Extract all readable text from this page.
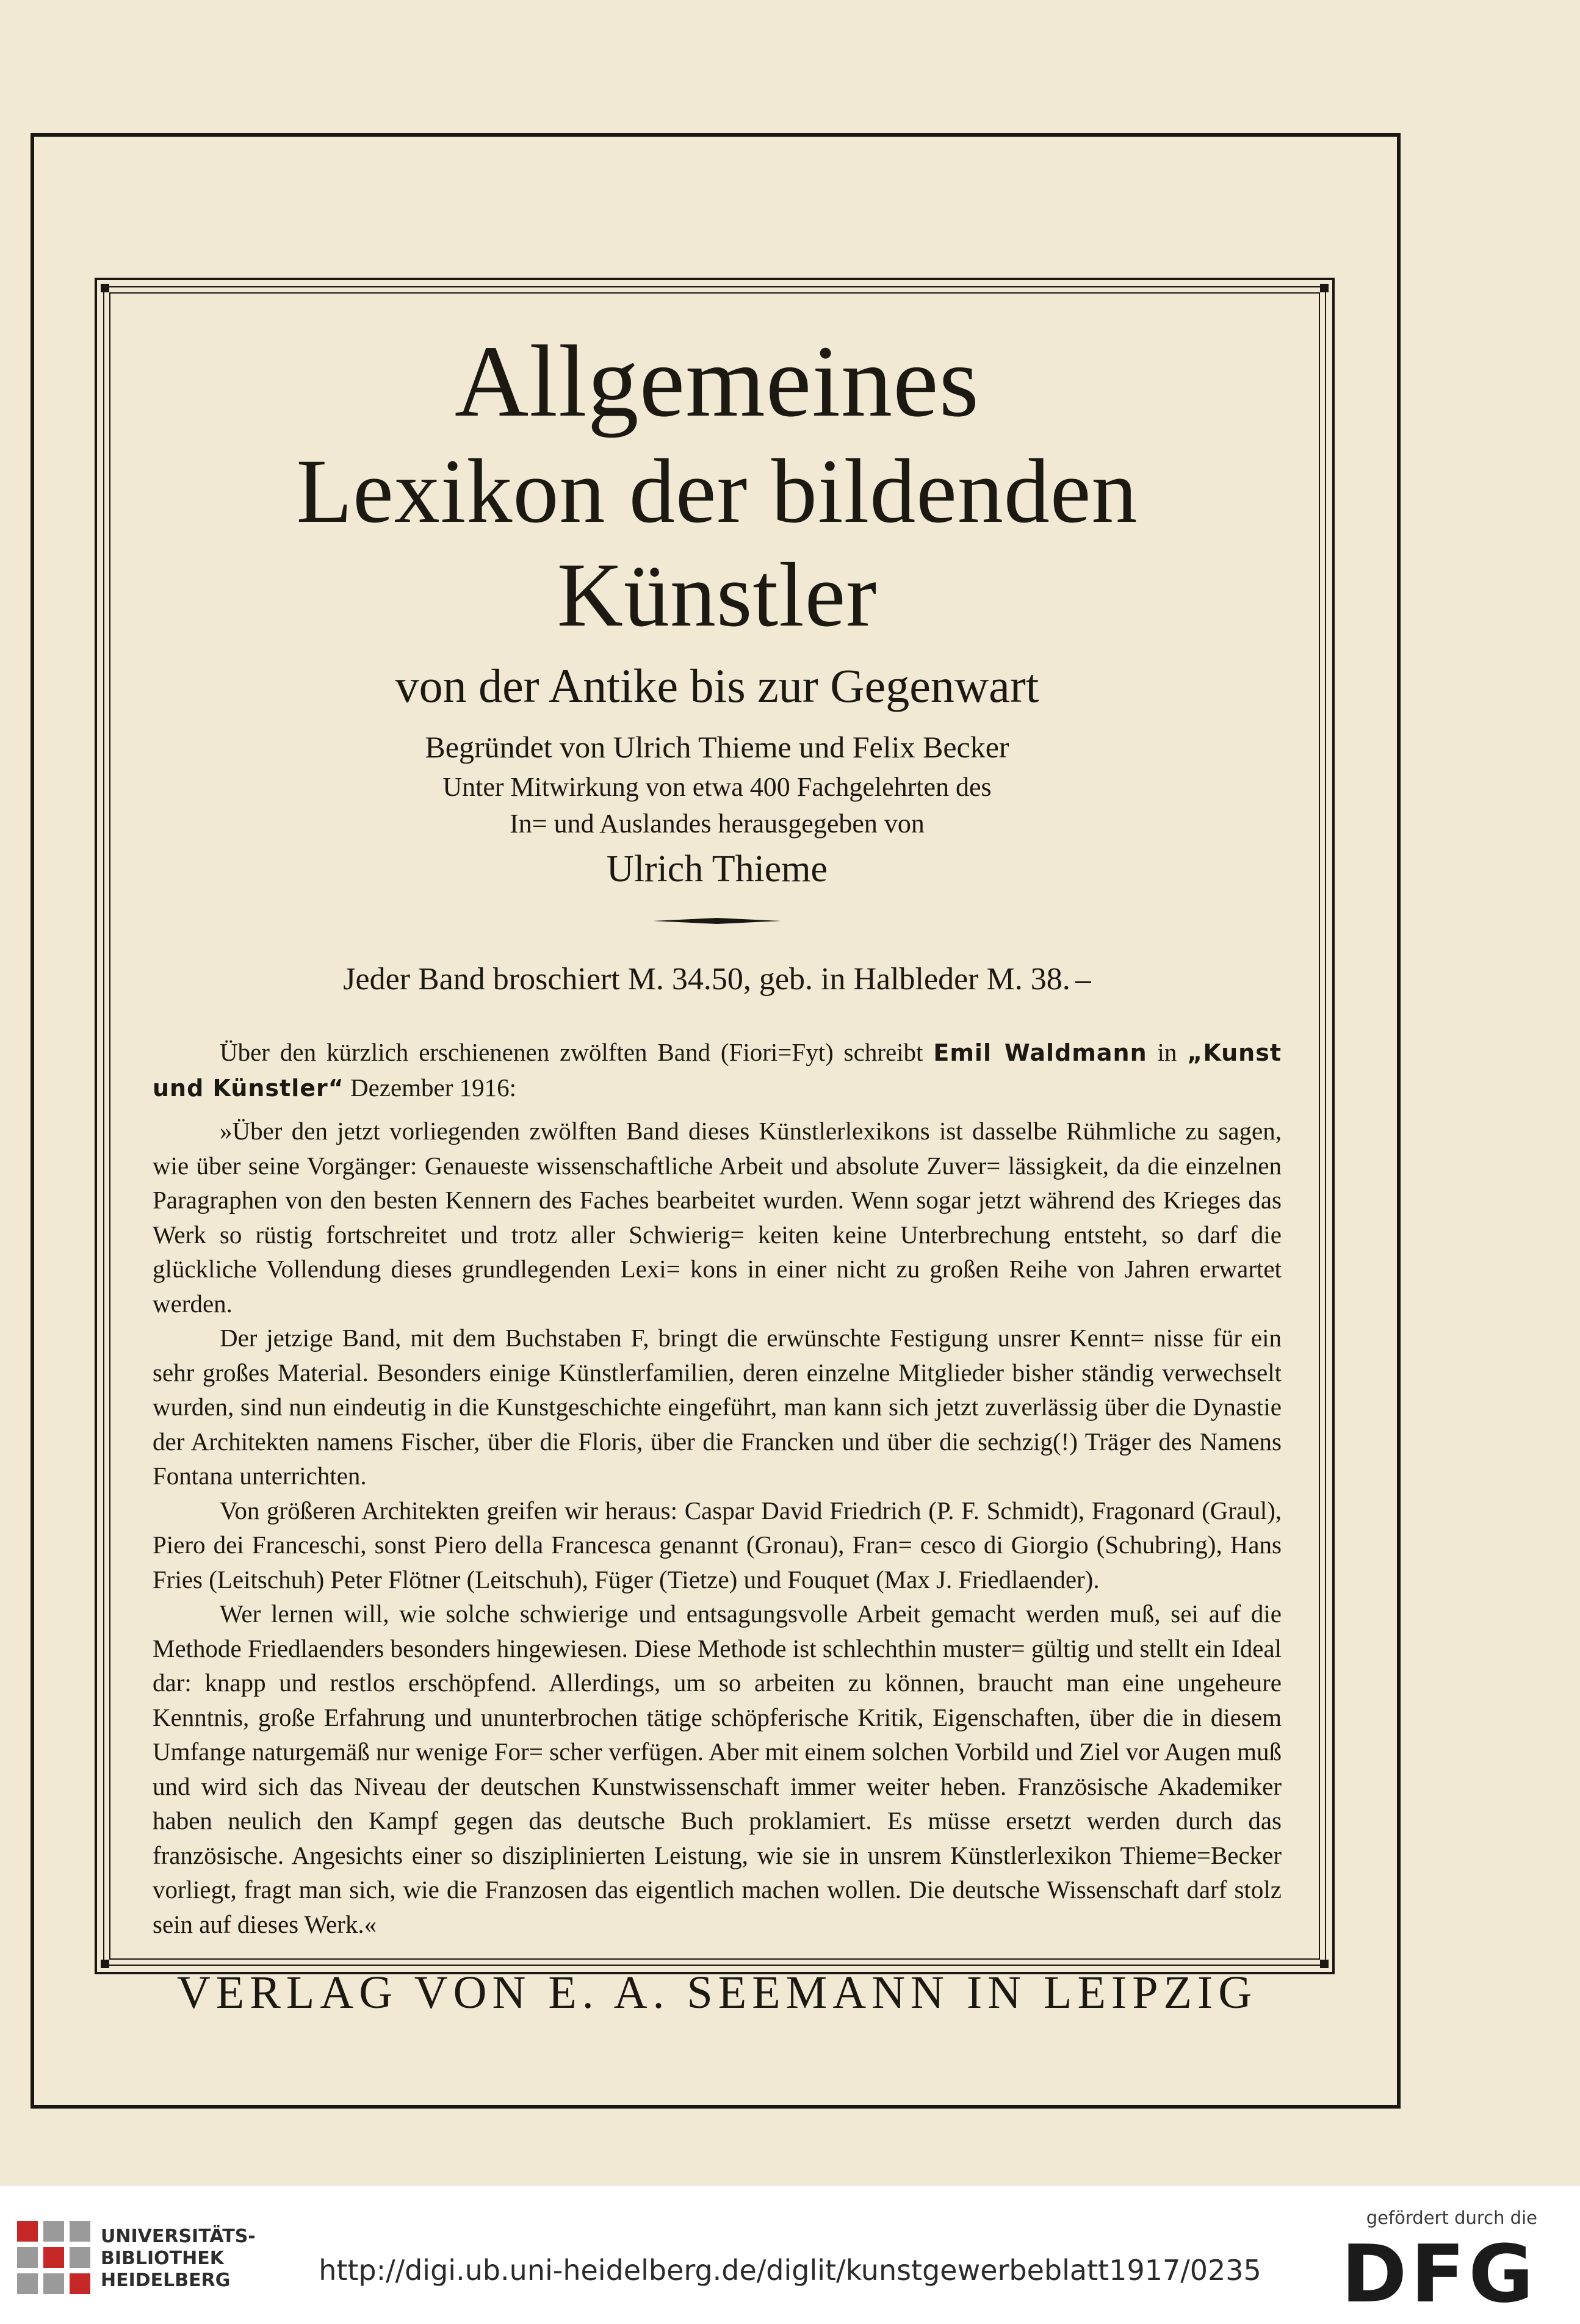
Allgemeines
Lexikon der bildenden Künstler
von der Antike bis zur Gegenwart
Begründet von Ulrich Thieme und Felix Becker
Unter Mitwirkung von etwa 400 Fachgelehrten des
In= und Auslandes herausgegeben von
Ulrich Thieme
Jeder Band broschiert M. 34.50, geb. in Halbleder M. 38.

Über den kürzlich erschienenen zwölften Band (Fiori=Fyt) schreibt Emil Waldmann in „Kunst und Künstler“ Dezember 1916:

»Über den jetzt vorliegenden zwölften Band dieses Künstlerlexikons ist dasselbe Rühmliche zu sagen, wie über seine Vorgänger: Genaueste wissenschaftliche Arbeit und absolute Zuver= lässigkeit, da die einzelnen Paragraphen von den besten Kennern des Faches bearbeitet wurden. Wenn sogar jetzt während des Krieges das Werk so rüstig fortschreitet und trotz aller Schwierig= keiten keine Unterbrechung entsteht, so darf die glückliche Vollendung dieses grundlegenden Lexi= kons in einer nicht zu großen Reihe von Jahren erwartet werden.

Der jetzige Band, mit dem Buchstaben F, bringt die erwünschte Festigung unsrer Kennt= nisse für ein sehr großes Material. Besonders einige Künstlerfamilien, deren einzelne Mitglieder bisher ständig verwechselt wurden, sind nun eindeutig in die Kunstgeschichte eingeführt, man kann sich jetzt zuverlässig über die Dynastie der Architekten namens Fischer, über die Floris, über die Francken und über die sechzig(!) Träger des Namens Fontana unterrichten.

Von größeren Architekten greifen wir heraus: Caspar David Friedrich (P. F. Schmidt), Fragonard (Graul), Piero dei Franceschi, sonst Piero della Francesca genannt (Gronau), Fran= cesco di Giorgio (Schubring), Hans Fries (Leitschuh) Peter Flötner (Leitschuh), Füger (Tietze) und Fouquet (Max J. Friedlaender).

Wer lernen will, wie solche schwierige und entsagungsvolle Arbeit gemacht werden muß, sei auf die Methode Friedlaenders besonders hingewiesen. Diese Methode ist schlechthin muster= gültig und stellt ein Ideal dar: knapp und restlos erschöpfend. Allerdings, um so arbeiten zu können, braucht man eine ungeheure Kenntnis, große Erfahrung und ununterbrochen tätige schöpferische Kritik, Eigenschaften, über die in diesem Umfange naturgemäß nur wenige For= scher verfügen. Aber mit einem solchen Vorbild und Ziel vor Augen muß und wird sich das Niveau der deutschen Kunstwissenschaft immer weiter heben. Französische Akademiker haben neulich den Kampf gegen das deutsche Buch proklamiert. Es müsse ersetzt werden durch das französische. Angesichts einer so disziplinierten Leistung, wie sie in unsrem Künstlerlexikon Thieme=Becker vorliegt, fragt man sich, wie die Franzosen das eigentlich machen wollen. Die deutsche Wissenschaft darf stolz sein auf dieses Werk.«

VERLAG VON E. A. SEEMANN IN LEIPZIG
UNIVERSITÄTS-
BIBLIOTHEK
HEIDELBERG	http://digi.ub.uni-heidelberg.de/diglit/kunstgewerbeblatt1917/0235
gefördert durch die
DFG
